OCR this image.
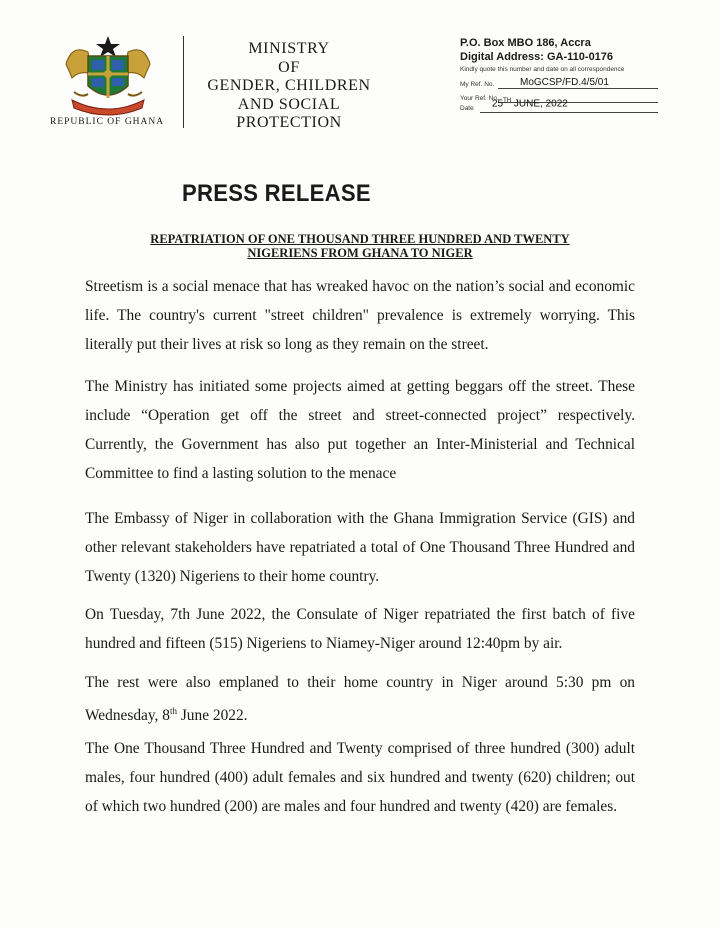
REPUBLIC OF GHANA
MINISTRY
OF
GENDER, CHILDREN
AND SOCIAL
PROTECTION
P.O. Box MBO 186, Accra
Digital Address: GA-110-0176
Kindly quote this number and date on all correspondence
My Ref. No.	MoGCSP/FD.4/5/01
Your Ref. No.
Date 25TH JUNE, 2022
PRESS RELEASE
REPATRIATION OF ONE THOUSAND THREE HUNDRED AND TWENTY
NIGERIENS FROM GHANA TO NIGER

Streetism is a social menace that has wreaked havoc on the nation’s social and economic life. The country's current "street children" prevalence is extremely worrying. This literally put their lives at risk so long as they remain on the street.

The Ministry has initiated some projects aimed at getting beggars off the street. These include “Operation get off the street and street-connected project” respectively. Currently, the Government has also put together an Inter-Ministerial and Technical Committee to find a lasting solution to the menace

The Embassy of Niger in collaboration with the Ghana Immigration Service (GIS) and other relevant stakeholders have repatriated a total of One Thousand Three Hundred and Twenty (1320) Nigeriens to their home country.

On Tuesday, 7th June 2022, the Consulate of Niger repatriated the first batch of five hundred and fifteen (515) Nigeriens to Niamey-Niger around 12:40pm by air.

The rest were also emplaned to their home country in Niger around 5:30 pm on Wednesday, 8th June 2022.

The One Thousand Three Hundred and Twenty comprised of three hundred (300) adult males, four hundred (400) adult females and six hundred and twenty (620) children; out of which two hundred (200) are males and four hundred and twenty (420) are females.
